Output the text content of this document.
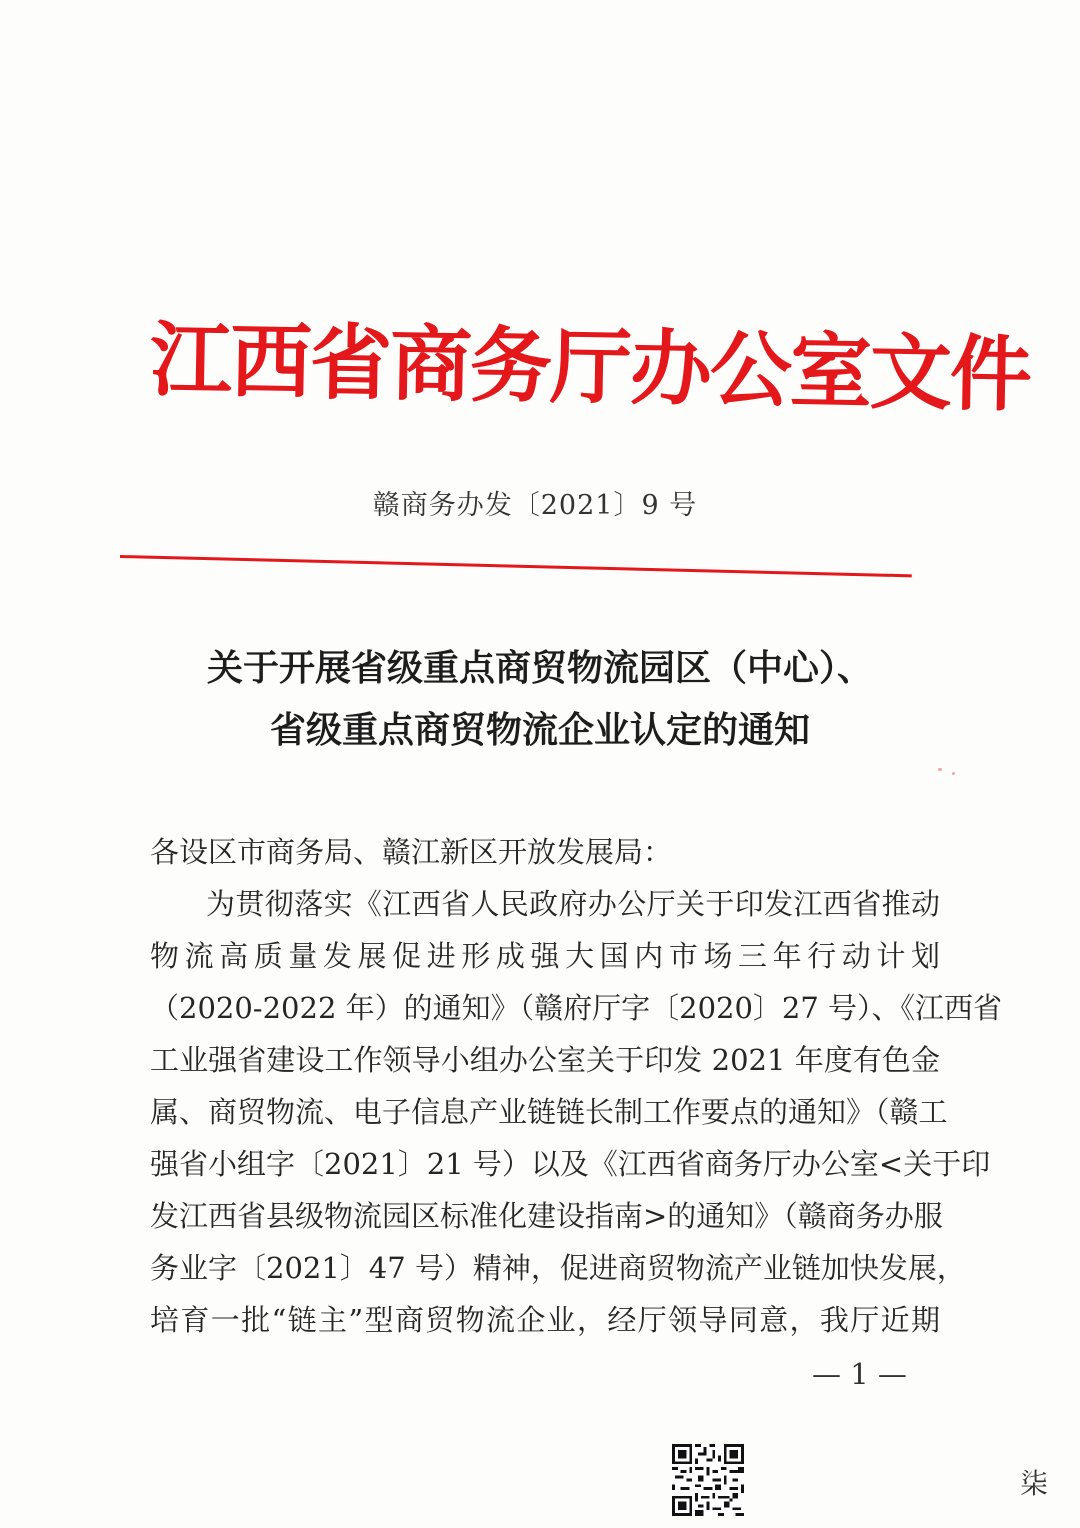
江西省商务厅办公室文件
赣商务办发〔2021〕9 号
关于开展省级重点商贸物流园区（中心）、
省级重点商贸物流企业认定的通知
各设区市商务局、赣江新区开放发展局：
为贯彻落实《江西省人民政府办公厅关于印发江西省推动
物流高质量发展促进形成强大国内市场三年行动计划
（2020-2022 年）的通知》（赣府厅字〔2020〕27 号）、《江西省
工业强省建设工作领导小组办公室关于印发 2021 年度有色金
属、商贸物流、电子信息产业链链长制工作要点的通知》（赣工
强省小组字〔2021〕21 号）以及《江西省商务厅办公室<关于印
发江西省县级物流园区标准化建设指南>的通知》（赣商务办服
务业字〔2021〕47 号）精神，促进商贸物流产业链加快发展，
培育一批“链主”型商贸物流企业，经厅领导同意，我厅近期
— 1 —
柒
